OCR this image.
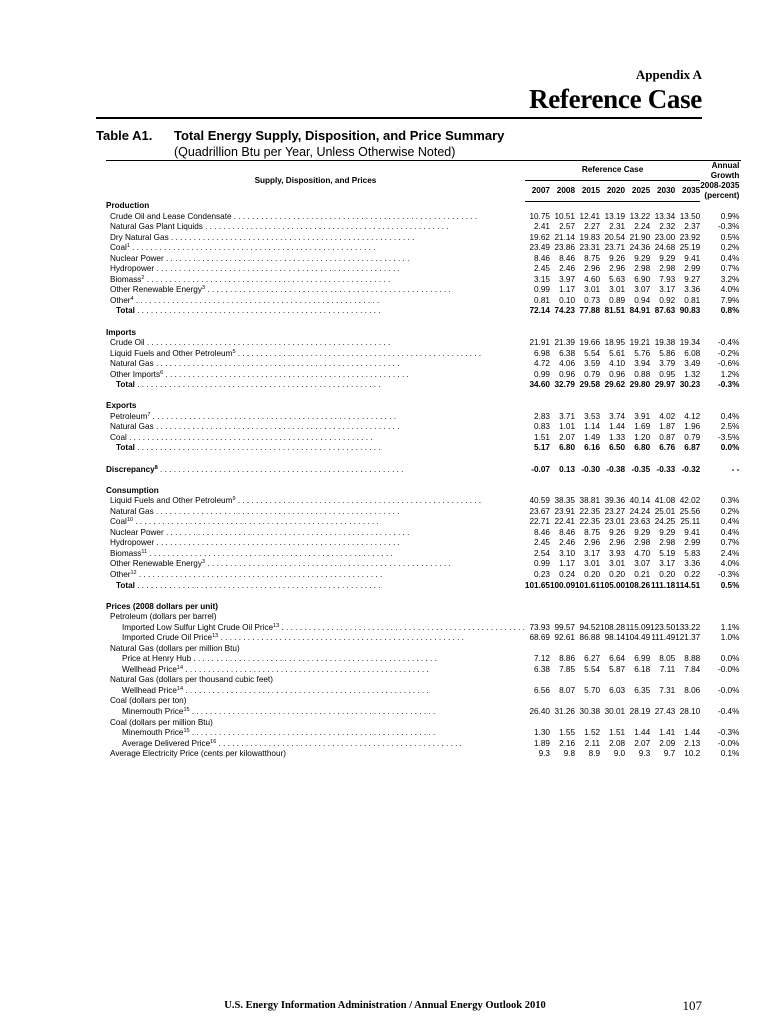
Appendix A
Reference Case
Table A1. Total Energy Supply, Disposition, and Price Summary
(Quadrillion Btu per Year, Unless Otherwise Noted)
Supply, Disposition, and Prices	Reference Case							Annual
Growth
2008-2035
(percent)

	2007	2008	2015	2020	2025	2030	2035	
Production								
Crude Oil and Lease Condensate . . .	10.75	10.51	12.41	13.19	13.22	13.34	13.50	0.9%
Natural Gas Plant Liquids . . .	2.41	2.57	2.27	2.31	2.24	2.32	2.37	-0.3%
Dry Natural Gas . . .	19.62	21.14	19.83	20.54	21.90	23.00	23.92	0.5%
Coal$^1$ . . .	23.49	23.86	23.31	23.71	24.36	24.68	25.19	0.2%
Nuclear Power . . .	8.46	8.46	8.75	9.26	9.29	9.29	9.41	0.4%
Hydropower . . .	2.45	2.46	2.96	2.96	2.98	2.98	2.99	0.7%
Biomass$^2$ . . .	3.15	3.97	4.60	5.63	6.90	7.93	9.27	3.2%
Other Renewable Energy$^3$ . . .	0.99	1.17	3.01	3.01	3.07	3.17	3.36	4.0%
Other$^4$ . . .	0.81	0.10	0.73	0.89	0.94	0.92	0.81	7.9%
Total . . .	72.14	74.23	77.88	81.51	84.91	87.63	90.83	0.8%

Imports								
Crude Oil . . .	21.91	21.39	19.66	18.95	19.21	19.38	19.34	-0.4%
Liquid Fuels and Other Petroleum$^5$ . . .	6.98	6.38	5.54	5.61	5.76	5.86	6.08	-0.2%
Natural Gas . . .	4.72	4.06	3.59	4.10	3.94	3.79	3.49	-0.6%
Other Imports$^6$ . . .	0.99	0.96	0.79	0.96	0.88	0.95	1.32	1.2%
Total . . .	34.60	32.79	29.58	29.62	29.80	29.97	30.23	-0.3%

Exports								
Petroleum$^7$ . . .	2.83	3.71	3.53	3.74	3.91	4.02	4.12	0.4%
Natural Gas . . .	0.83	1.01	1.14	1.44	1.69	1.87	1.96	2.5%
Coal . . .	1.51	2.07	1.49	1.33	1.20	0.87	0.79	-3.5%
Total . . .	5.17	6.80	6.16	6.50	6.80	6.76	6.87	0.0%

Discrepancy$^8$ . . .	-0.07	0.13	-0.30	-0.38	-0.35	-0.33	-0.32	- -

Consumption								
Liquid Fuels and Other Petroleum$^9$ . . .	40.59	38.35	38.81	39.36	40.14	41.08	42.02	0.3%
Natural Gas . . .	23.67	23.91	22.35	23.27	24.24	25.01	25.56	0.2%
Coal$^{10}$ . . .	22.71	22.41	22.35	23.01	23.63	24.25	25.11	0.4%
Nuclear Power . . .	8.46	8.46	8.75	9.26	9.29	9.29	9.41	0.4%
Hydropower . . .	2.45	2.46	2.96	2.96	2.98	2.98	2.99	0.7%
Biomass$^{11}$ . . .	2.54	3.10	3.17	3.93	4.70	5.19	5.83	2.4%
Other Renewable Energy$^3$ . . .	0.99	1.17	3.01	3.01	3.07	3.17	3.36	4.0%
Other$^{12}$ . . .	0.23	0.24	0.20	0.20	0.21	0.20	0.22	-0.3%
Total . . .	101.65	100.09	101.61	105.00	108.26	111.18	114.51	0.5%

Prices (2008 dollars per unit)								
Petroleum (dollars per barrel)								
Imported Low Sulfur Light Crude Oil Price$^{13}$ . . .	73.93	99.57	94.52	108.28	115.09	123.50	133.22	1.1%
Imported Crude Oil Price$^{13}$ . . .	68.69	92.61	86.88	98.14	104.49	111.49	121.37	1.0%
Natural Gas (dollars per million Btu)								
Price at Henry Hub . . .	7.12	8.86	6.27	6.64	6.99	8.05	8.88	0.0%
Wellhead Price$^{14}$ . . .	6.38	7.85	5.54	5.87	6.18	7.11	7.84	-0.0%
Natural Gas (dollars per thousand cubic feet)								
Wellhead Price$^{14}$ . . .	6.56	8.07	5.70	6.03	6.35	7.31	8.06	-0.0%
Coal (dollars per ton)								
Minemouth Price$^{15}$ . . .	26.40	31.26	30.38	30.01	28.19	27.43	28.10	-0.4%
Coal (dollars per million Btu)								
Minemouth Price$^{15}$ . . .	1.30	1.55	1.52	1.51	1.44	1.41	1.44	-0.3%
Average Delivered Price$^{16}$ . . .	1.89	2.16	2.11	2.08	2.07	2.09	2.13	-0.0%
Average Electricity Price (cents per kilowatthour)	9.3	9.8	8.9	9.0	9.3	9.7	10.2	0.1%
U.S. Energy Information Administration / Annual Energy Outlook 2010	107
